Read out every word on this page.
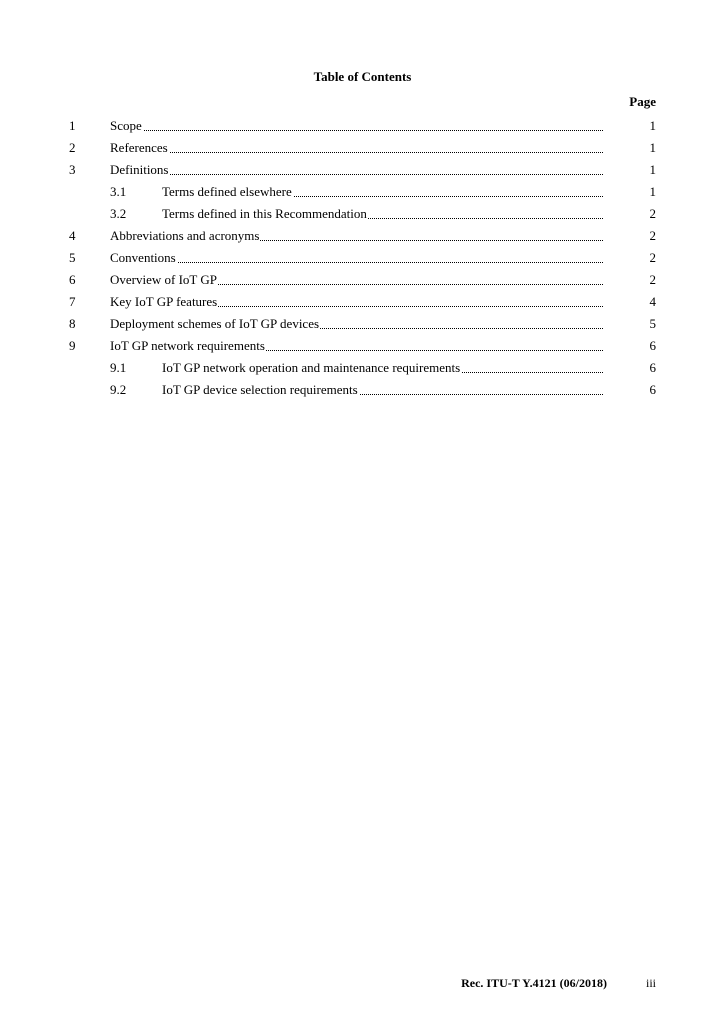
Table of Contents
Page
1	Scope	1
2	References	1
3	Definitions	1
3.1	Terms defined elsewhere	1
3.2	Terms defined in this Recommendation	2
4	Abbreviations and acronyms	2
5	Conventions	2
6	Overview of IoT GP	2
7	Key IoT GP features	4
8	Deployment schemes of IoT GP devices	5
9	IoT GP network requirements	6
9.1	IoT GP network operation and maintenance requirements	6
9.2	IoT GP device selection requirements	6
Rec. ITU-T Y.4121 (06/2018)	iii
